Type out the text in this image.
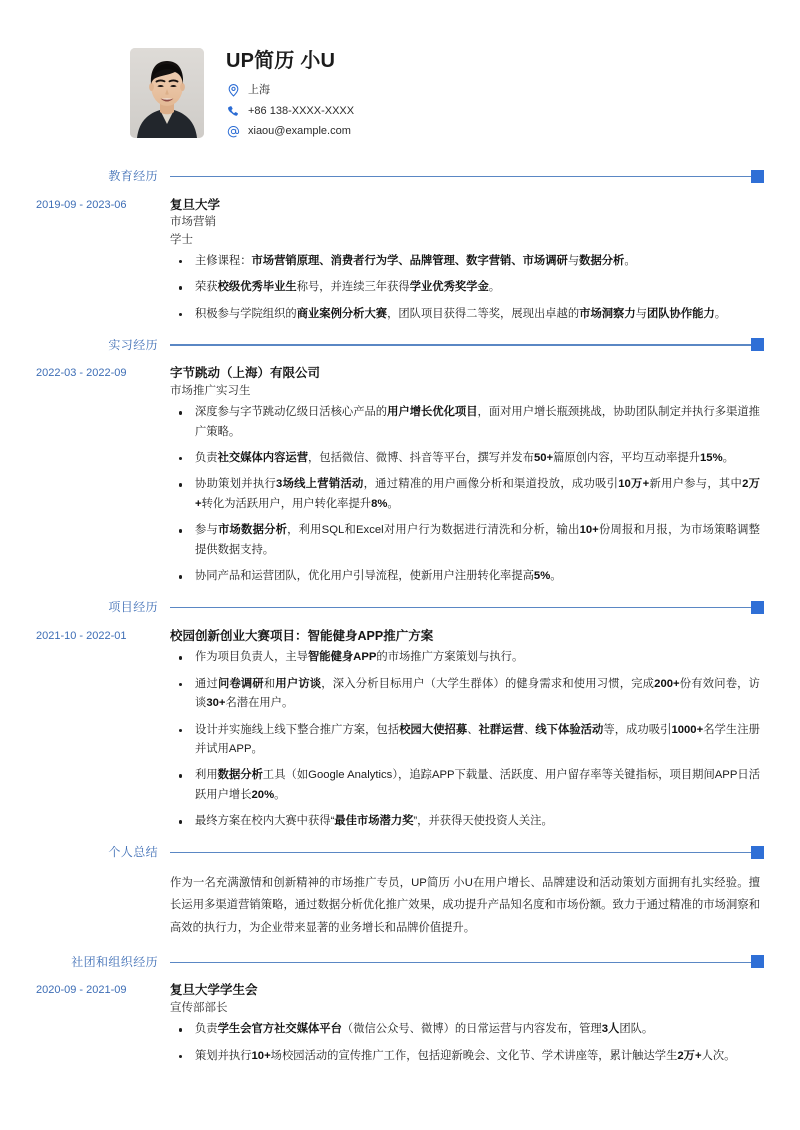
UP简历 小U
上海
+86 138-XXXX-XXXX
xiaou@example.com
教育经历
2019-09 - 2023-06	复旦大学
市场营销
学士
主修课程：市场营销原理、消费者行为学、品牌管理、数字营销、市场调研与数据分析。
荣获校级优秀毕业生称号，并连续三年获得学业优秀奖学金。
积极参与学院组织的商业案例分析大赛，团队项目获得二等奖，展现出卓越的市场洞察力与团队协作能力。
实习经历
2022-03 - 2022-09	字节跳动（上海）有限公司
市场推广实习生
深度参与字节跳动亿级日活核心产品的用户增长优化项目，面对用户增长瓶颈挑战，协助团队制定并执行多渠道推广策略。
负责社交媒体内容运营，包括微信、微博、抖音等平台，撰写并发布50+篇原创内容，平均互动率提升15%。
协助策划并执行3场线上营销活动，通过精准的用户画像分析和渠道投放，成功吸引10万+新用户参与，其中2万+转化为活跃用户，用户转化率提升8%。
参与市场数据分析，利用SQL和Excel对用户行为数据进行清洗和分析，输出10+份周报和月报，为市场策略调整提供数据支持。
协同产品和运营团队，优化用户引导流程，使新用户注册转化率提高5%。
项目经历
2021-10 - 2022-01	校园创新创业大赛项目：智能健身APP推广方案
作为项目负责人，主导智能健身APP的市场推广方案策划与执行。
通过问卷调研和用户访谈，深入分析目标用户（大学生群体）的健身需求和使用习惯，完成200+份有效问卷，访谈30+名潜在用户。
设计并实施线上线下整合推广方案，包括校园大使招募、社群运营、线下体验活动等，成功吸引1000+名学生注册并试用APP。
利用数据分析工具（如Google Analytics），追踪APP下载量、活跃度、用户留存率等关键指标，项目期间APP日活跃用户增长20%。
最终方案在校内大赛中获得“最佳市场潜力奖”，并获得天使投资人关注。
个人总结
作为一名充满激情和创新精神的市场推广专员，UP简历 小U在用户增长、品牌建设和活动策划方面拥有扎实经验。擅长运用多渠道营销策略，通过数据分析优化推广效果，成功提升产品知名度和市场份额。致力于通过精准的市场洞察和高效的执行力，为企业带来显著的业务增长和品牌价值提升。
社团和组织经历
2020-09 - 2021-09	复旦大学学生会
宣传部部长
负责学生会官方社交媒体平台（微信公众号、微博）的日常运营与内容发布，管理3人团队。
策划并执行10+场校园活动的宣传推广工作，包括迎新晚会、文化节、学术讲座等，累计触达学生2万+人次。
